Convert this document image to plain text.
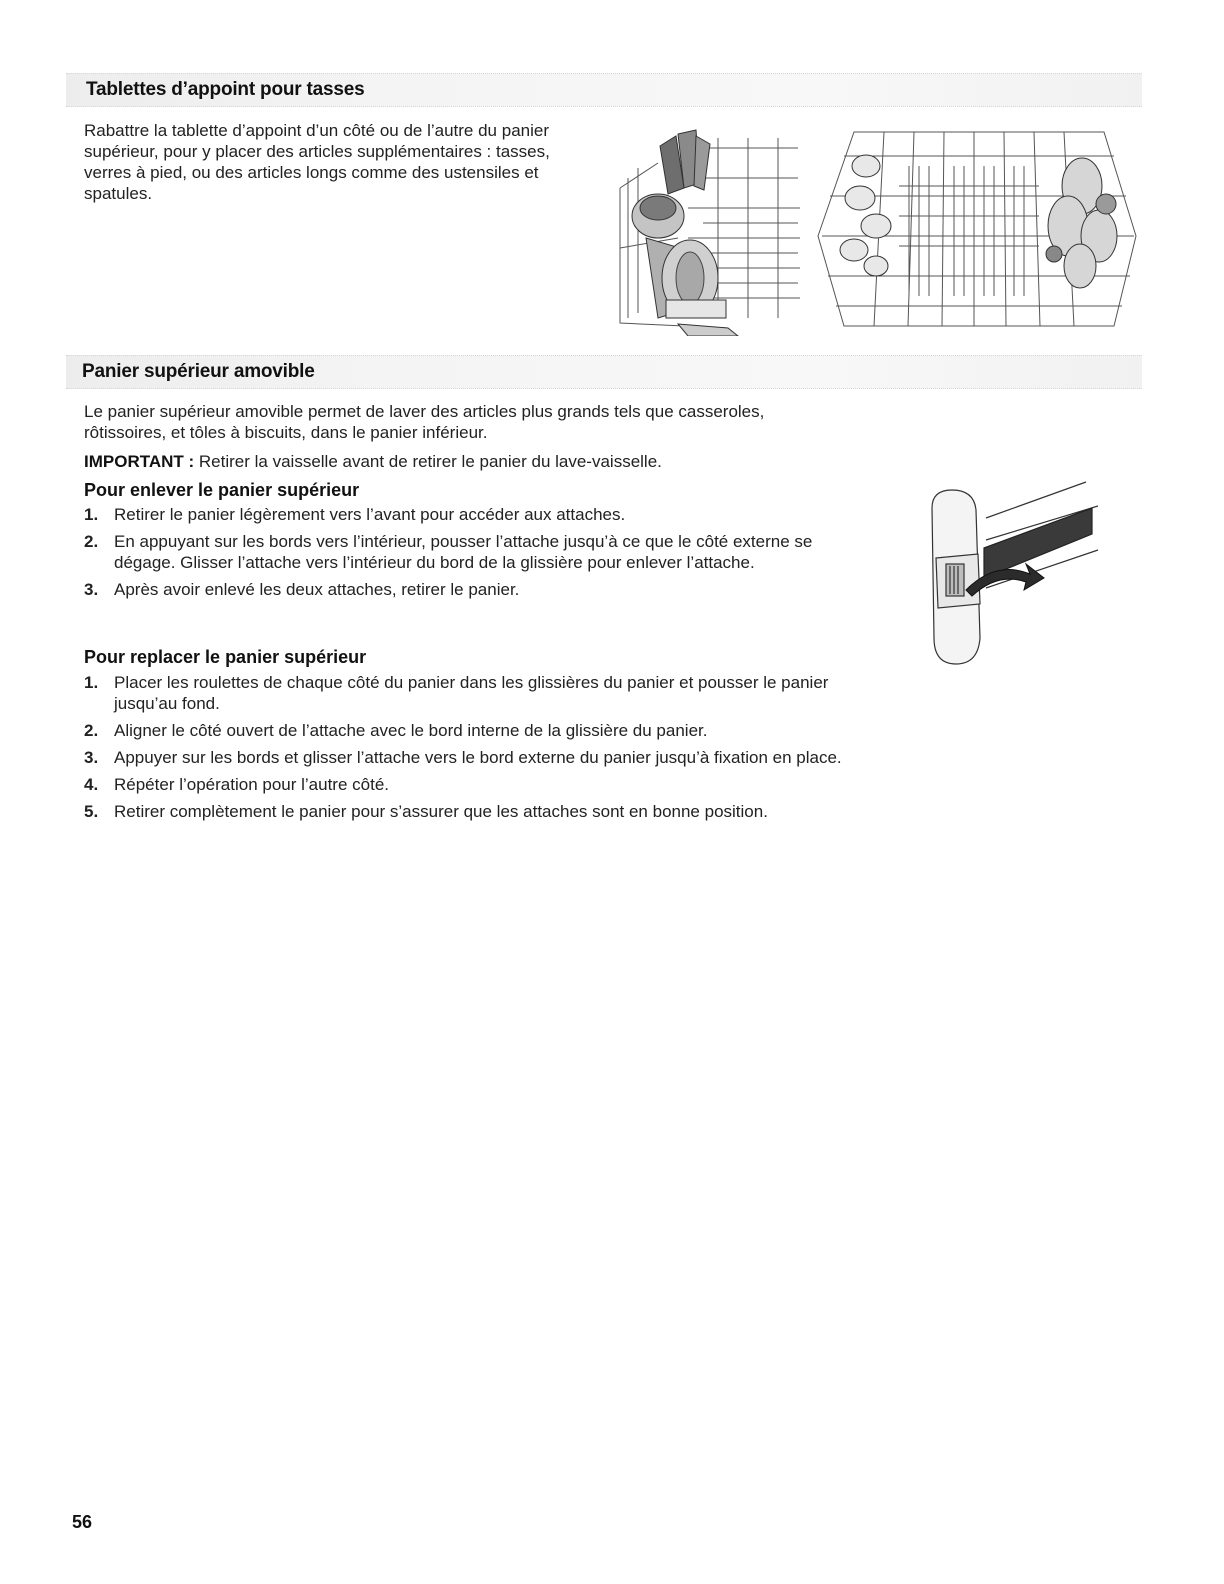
Tablettes d’appoint pour tasses

Rabattre la tablette d’appoint d’un côté ou de l’autre du panier supérieur, pour y placer des articles supplémentaires : tasses, verres à pied, ou des articles longs comme des ustensiles et spatules.

Panier supérieur amovible

Le panier supérieur amovible permet de laver des articles plus grands tels que casseroles, rôtissoires, et tôles à biscuits, dans le panier inférieur.

IMPORTANT : Retirer la vaisselle avant de retirer le panier du lave-vaisselle.

Pour enlever le panier supérieur
1. Retirer le panier légèrement vers l’avant pour accéder aux attaches.
2. En appuyant sur les bords vers l’intérieur, pousser l’attache jusqu’à ce que le côté externe se dégage. Glisser l’attache vers l’intérieur du bord de la glissière pour enlever l’attache.
3. Après avoir enlevé les deux attaches, retirer le panier.
Pour replacer le panier supérieur
1. Placer les roulettes de chaque côté du panier dans les glissières du panier et pousser le panier jusqu’au fond.
2. Aligner le côté ouvert de l’attache avec le bord interne de la glissière du panier.
3. Appuyer sur les bords et glisser l’attache vers le bord externe du panier jusqu’à fixation en place.
4. Répéter l’opération pour l’autre côté.
5. Retirer complètement le panier pour s’assurer que les attaches sont en bonne position.
56
